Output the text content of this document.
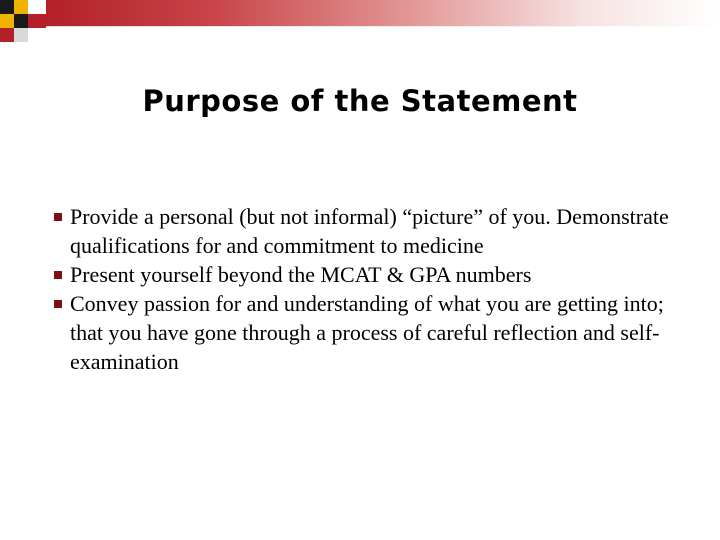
Purpose of the Statement
Provide a personal (but not informal) “picture” of you. Demonstrate qualifications for and commitment to medicine
Present yourself beyond the MCAT & GPA numbers
Convey passion for and understanding of what you are getting into; that you have gone through a process of careful reflection and self-examination
